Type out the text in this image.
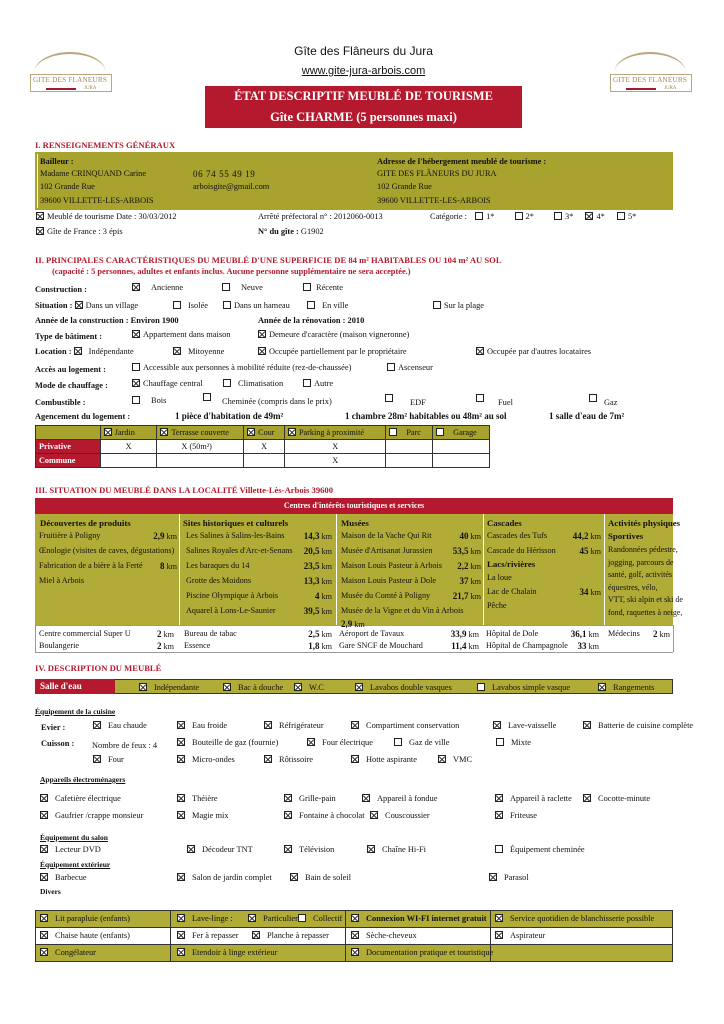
GITE DES FLANEURS
JURA
GITE DES FLANEURS
JURA
Gîte des Flâneurs du Jura
www.gite-jura-arbois.com
ÉTAT DESCRIPTIF MEUBLÉ DE TOURISME
Gîte CHARME (5 personnes maxi)
I. RENSEIGNEMENTS GÉNÉRAUX
Bailleur :
Madame CRINQUAND Carine	06 74 55 49 19
102 Grande Rue	arboisgite@gmail.com
39600 VILLETTE-LES-ARBOIS
Adresse de l'hébergement meublé de tourisme :
GITE DES FLÂNEURS DU JURA
102 Grande Rue
39600 VILLETTE-LES-ARBOIS
Meublé de tourisme Date : 30/03/2012	Arrêté préfectoral n° : 2012060-0013	Catégorie : 1*	2*	3*	4*	5*
Gîte de France : 3 épis	N° du gîte : G1902
II. PRINCIPALES CARACTÉRISTIQUES DU MEUBLÉ D'UNE SUPERFICIE DE 84 m² HABITABLES OU 104 m² AU SOL
(capacité : 5 personnes, adultes et enfants inclus. Aucune personne supplémentaire ne sera acceptée.)
Construction :	Ancienne	Neuve	Récente
Situation : Dans un village	Isolée	Dans un hameau	En ville	Sur la plage
Année de la construction : Environ 1900	Année de la rénovation : 2010
Type de bâtiment :	Appartement dans maison	Demeure d'caractère (maison vigneronne)
Location : Indépendante	Mitoyenne	Occupée partiellement par le propriétaire	Occupée par d'autres locataires
Accès au logement :	Accessible aux personnes à mobilité réduite (rez-de-chaussée)	Ascenseur
Mode de chauffage :	Chauffage central	Climatisation	Autre
Combustible :	Bois	Cheminée (compris dans le prix)	EDF	Fuel	Gaz
Agencement du logement :	1 pièce d'habitation de 49m²	1 chambre 28m² habitables ou 48m² au sol	1 salle d'eau de 7m²
	Jardin	Terrasse couverte	Cour	Parking à proximité	Parc	Garage
Privative	X	X (50m²)	X	X		
Commune				X		
III. SITUATION DU MEUBLÉ DANS LA LOCALITÉ Villette-Lès-Arbois 39600
Centres d'intérêts touristiques et services
Découvertes de produits
Fruitière à Poligny	2,9 km
Œnologie (visites de caves, dégustations)
Fabrication de a bière à la Ferté 8 km
Miel à Arbois
Sites historiques et culturels
Les Salines à Salins-les-Bains 14,3 km
Salines Royales d'Arc-et-Senans 20,5 km
Les baraques du 14	23,5 km
Grotte des Moidons	13,3 km
Piscine Olympique à Arbois	4 km
Aquarel à Lons-Le-Saunier	39,5 km
Musées
Maison de la Vache Qui Rit	40 km
Musée d'Artisanat Jurassien 53,5 km
Maison Louis Pasteur à Arbois 2,2 km
Maison Louis Pasteur à Dole	37 km
Musée du Comté à Poligny	21,7 km
Musée de la Vigne et du Vin à Arbois
2,9 km
Cascades
Cascades des Tufs	44,2 km
Cascade du Hérisson	45 km
Lacs/rivières
La loue
Lac de Chalain	34 km
Pêche
Activités physiques
Sportives
Randonnées pédestre,
jogging, parcours de
santé, golf, activités
équestres, vélo,
VTT, ski alpin et ski de
fond, raquettes à neige,
Centre commercial Super U	2 km
Boulangerie	2 km
Bureau de tabac	2,5 km
Essence	1,8 km
Aéroport de Tavaux	33,9 km
Gare SNCF de Mouchard	11,4 km
Hôpital de Dole	36,1 km
Hôpital de Champagnole 33 km
Médecins 2 km
IV. DESCRIPTION DU MEUBLÉ
Salle d'eau	Indépendante	Bac à douche	W.C	Lavabos double vasques	Lavabos simple vasque	Rangements
Équipement de la cuisine
Evier :
Cuisson : Nombre de feux : 4
Eau chaude	Eau froide	Réfrigérateur	Compartiment conservation	Lave-vaisselle	Batterie de cuisine complète
Bouteille de gaz (fournie)	Four électrique	Gaz de ville	Mixte
Four	Micro-ondes	Rôtissoire	Hotte aspirante	VMC
Appareils électroménagers
Équipement du salon
Équipement extérieur
Divers
Cafetière électrique	Théière	Grille-pain	Appareil à fondue	Appareil à raclette	Cocotte-minute
Gaufrier /crappe monsieur	Magie mix	Fontaine à chocolat	Couscoussier	Friteuse
Lecteur DVD	Décodeur TNT	Télévision	Chaîne Hi-Fi	Équipement cheminée
Barbecue	Salon de jardin complet	Bain de soleil	Parasol
Lit parapluie (enfants)	Lave-linge :	Particulier	Collectif	Connexion WI-FI internet gratuit	Service quotidien de blanchisserie possible
Chaise haute (enfants)	Fer à repasser	Planche à repasser	Sèche-cheveux	Aspirateur
Congélateur	Etendoir à linge extérieur	Documentation pratique et touristique
